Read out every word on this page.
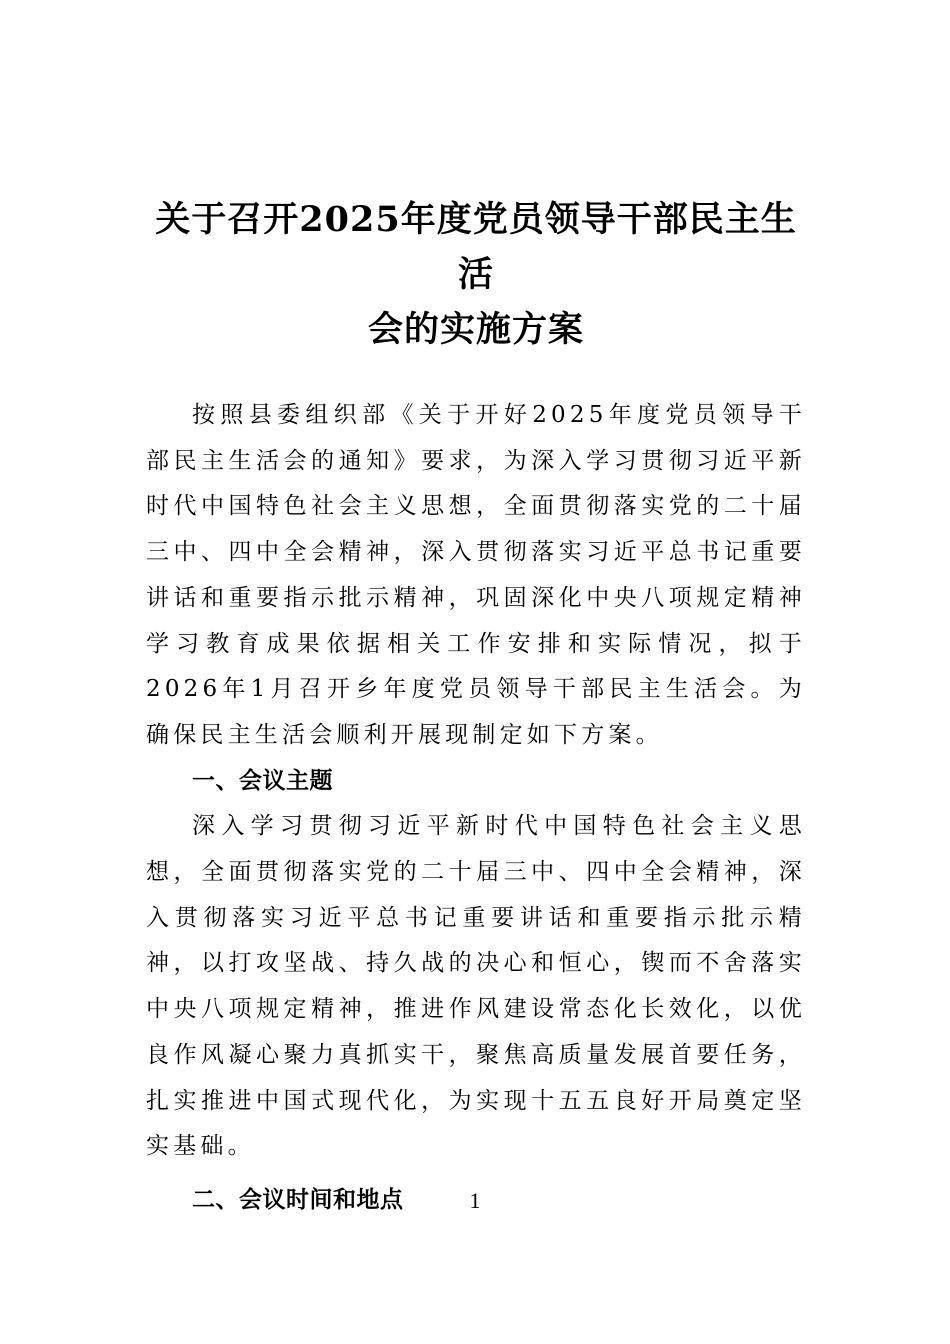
关于召开2025年度党员领导干部民主生活
会的实施方案

按照县委组织部《关于开好2025年度党员领导干部民主生活会的通知》要求，为深入学习贯彻习近平新时代中国特色社会主义思想，全面贯彻落实党的二十届三中、四中全会精神，深入贯彻落实习近平总书记重要讲话和重要指示批示精神，巩固深化中央八项规定精神学习教育成果依据相关工作安排和实际情况，拟于2026年1月召开乡年度党员领导干部民主生活会。为确保民主生活会顺利开展现制定如下方案。

一、会议主题

深入学习贯彻习近平新时代中国特色社会主义思想，全面贯彻落实党的二十届三中、四中全会精神，深入贯彻落实习近平总书记重要讲话和重要指示批示精神，以打攻坚战、持久战的决心和恒心，锲而不舍落实中央八项规定精神，推进作风建设常态化长效化，以优良作风凝心聚力真抓实干，聚焦高质量发展首要任务，扎实推进中国式现代化，为实现十五五良好开局奠定坚实基础。

二、会议时间和地点	1
